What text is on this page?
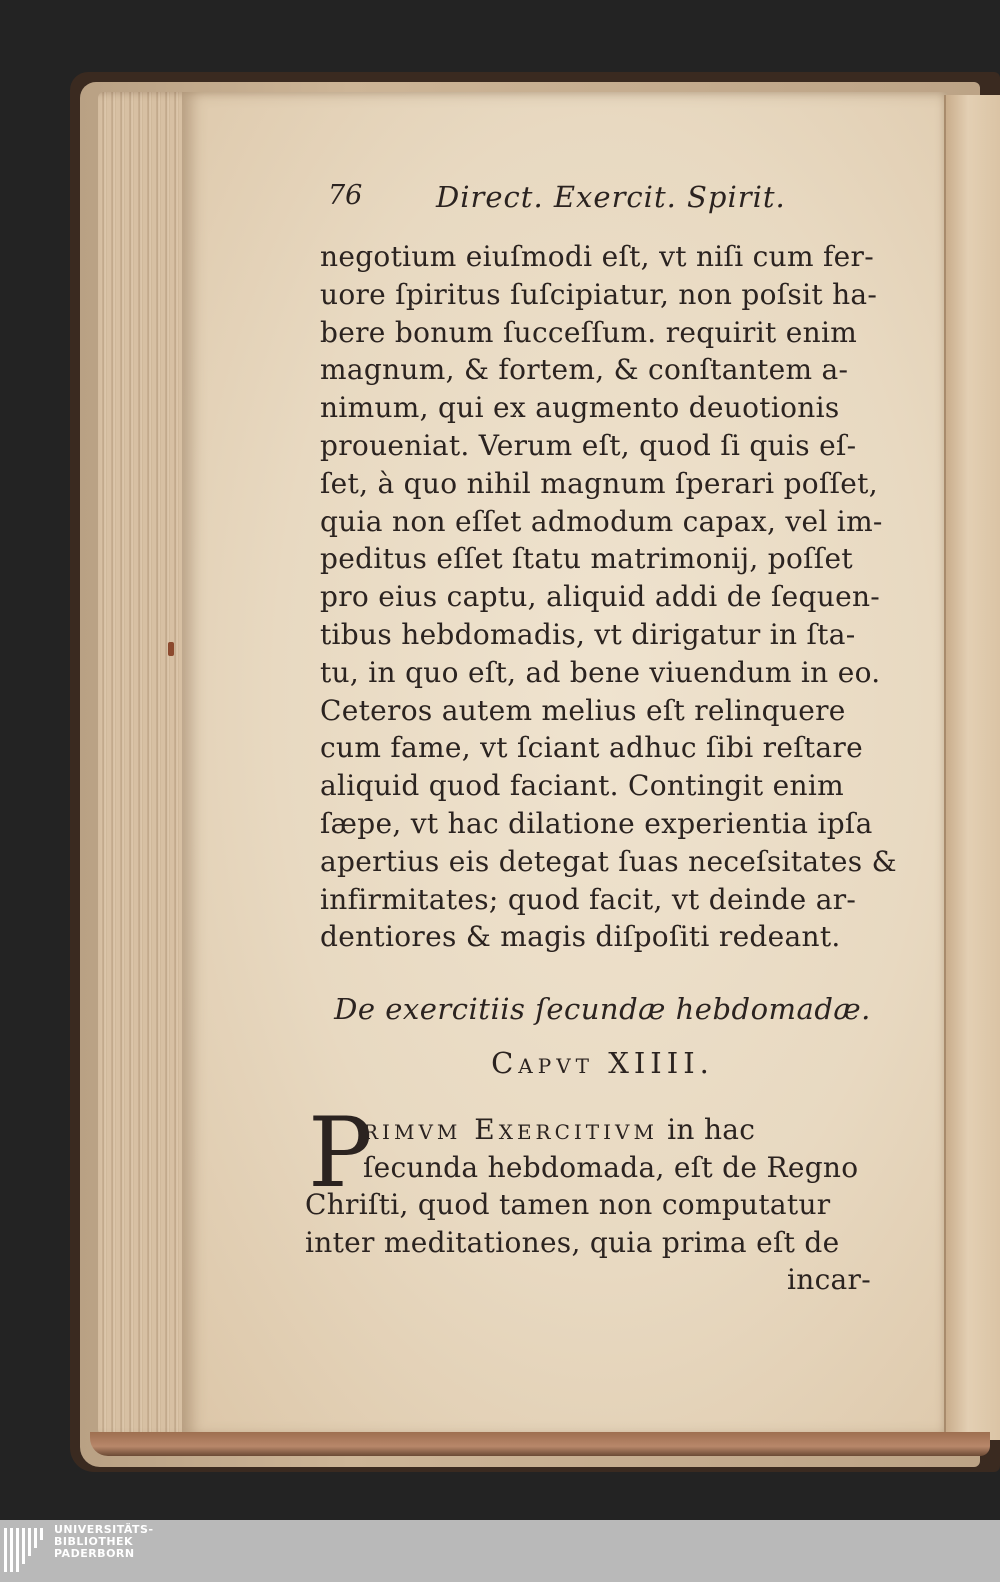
76	Direct. Exercit. Spirit.
negotium eiuſmodi eſt, vt niſi cum fer-
uore ſpiritus ſuſcipiatur, non poſsit ha-
bere bonum ſucceſſum. requirit enim
magnum, & fortem, & conſtantem a-
nimum, qui ex augmento deuotionis
proueniat. Verum eſt, quod ſi quis eſ-
ſet, à quo nihil magnum ſperari poſſet,
quia non eſſet admodum capax, vel im-
peditus eſſet ſtatu matrimonij, poſſet
pro eius captu, aliquid addi de ſequen-
tibus hebdomadis, vt dirigatur in ſta-
tu, in quo eſt, ad bene viuendum in eo.
Ceteros autem melius eſt relinquere
cum fame, vt ſciant adhuc ſibi reſtare
aliquid quod faciant. Contingit enim
ſæpe, vt hac dilatione experientia ipſa
apertius eis detegat ſuas neceſsitates &
infirmitates; quod facit, vt deinde ar-
dentiores & magis diſpoſiti redeant.
De exercitiis ſecundæ hebdomadæ.
Capvt XIIII.
P
rimvm Exercitivm in hac
ſecunda hebdomada, eſt de Regno
Chriſti, quod tamen non computatur
inter meditationes, quia prima eſt de
incar-
UNIVERSITÄTS-
BIBLIOTHEK
PADERBORN
